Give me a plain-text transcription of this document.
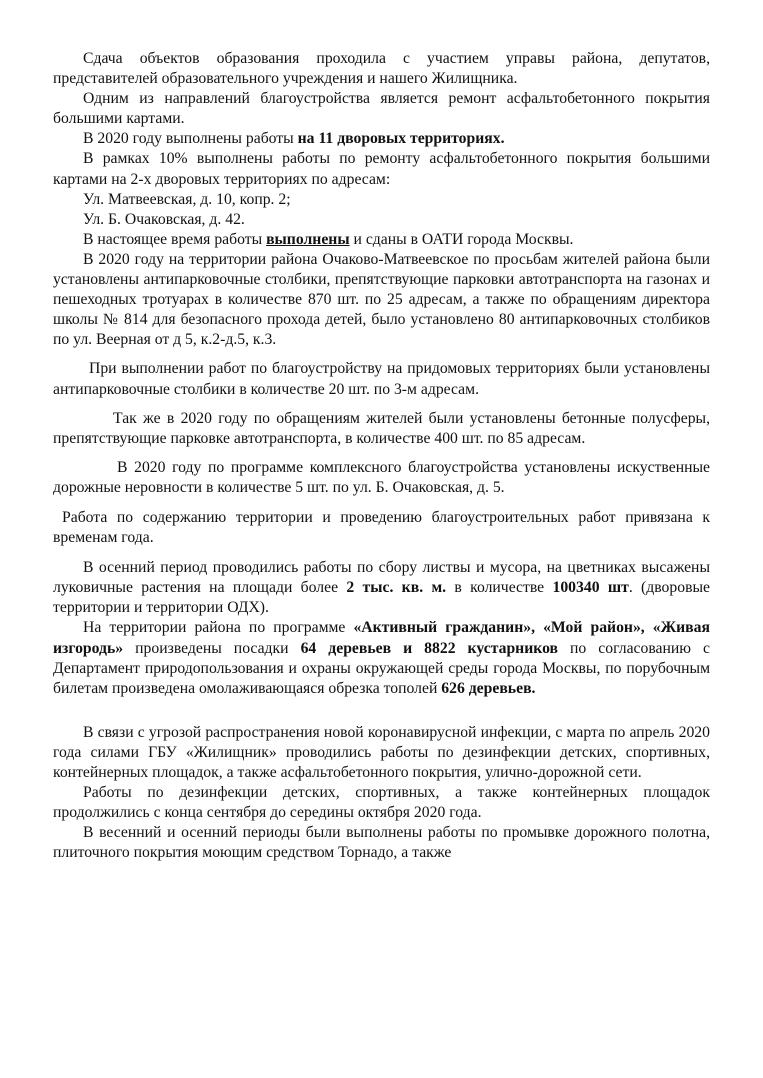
Сдача объектов образования проходила с участием управы района, депутатов, представителей образовательного учреждения и нашего Жилищника.

Одним из направлений благоустройства является ремонт асфальтобетонного покрытия большими картами.

В 2020 году выполнены работы на 11 дворовых территориях.

В рамках 10% выполнены работы по ремонту асфальтобетонного покрытия большими картами на 2-х дворовых территориях по адресам:

Ул. Матвеевская, д. 10, копр. 2;

Ул. Б. Очаковская, д. 42.

В настоящее время работы выполнены и сданы в ОАТИ города Москвы.

В 2020 году на территории района Очаково-Матвеевское по просьбам жителей района были установлены антипарковочные столбики, препятствующие парковки автотранспорта на газонах и пешеходных тротуарах в количестве 870 шт. по 25 адресам, а также по обращениям директора школы № 814 для безопасного прохода детей, было установлено 80 антипарковочных столбиков по ул. Веерная от д 5, к.2-д.5, к.3.

При выполнении работ по благоустройству на придомовых территориях были установлены антипарковочные столбики в количестве 20 шт. по 3-м адресам.

Так же в 2020 году по обращениям жителей были установлены бетонные полусферы, препятствующие парковке автотранспорта, в количестве 400 шт. по 85 адресам.

В 2020 году по программе комплексного благоустройства установлены искуственные дорожные неровности в количестве 5 шт. по ул. Б. Очаковская, д. 5.

Работа по содержанию территории и проведению благоустроительных работ привязана к временам года.

В осенний период проводились работы по сбору листвы и мусора, на цветниках высажены луковичные растения на площади более 2 тыс. кв. м. в количестве 100340 шт. (дворовые территории и территории ОДХ).

На территории района по программе «Активный гражданин», «Мой район», «Живая изгородь» произведены посадки 64 деревьев и 8822 кустарников по согласованию с Департамент природопользования и охраны окружающей среды города Москвы, по порубочным билетам произведена омолаживающаяся обрезка тополей 626 деревьев.

В связи с угрозой распространения новой коронавирусной инфекции, с марта по апрель 2020 года силами ГБУ «Жилищник» проводились работы по дезинфекции детских, спортивных, контейнерных площадок, а также асфальтобетонного покрытия, улично-дорожной сети.

Работы по дезинфекции детских, спортивных, а также контейнерных площадок продолжились с конца сентября до середины октября 2020 года.

В весенний и осенний периоды были выполнены работы по промывке дорожного полотна, плиточного покрытия моющим средством Торнадо, а также
